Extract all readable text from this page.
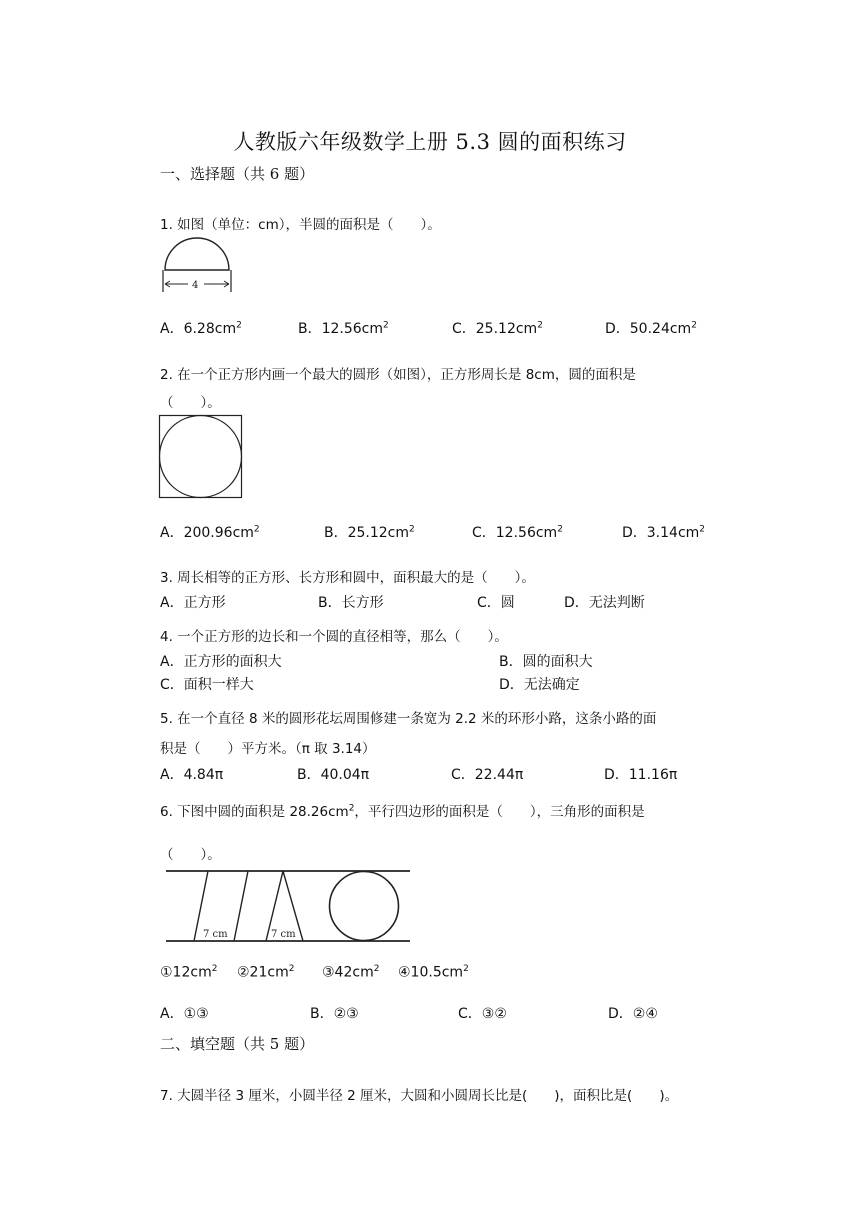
人教版六年级数学上册 5.3 圆的面积练习
一、选择题（共 6 题）
1. 如图（单位：cm），半圆的面积是（　　）。
4
A．$6.28cm^2$	B．$12.56cm^2$	C．$25.12cm^2$	D．$50.24cm^2$
2. 在一个正方形内画一个最大的圆形（如图），正方形周长是 8cm，圆的面积是
（　　）。
A．$200.96cm^2$	B．$25.12cm^2$	C．$12.56cm^2$	D．$3.14cm^2$
3. 周长相等的正方形、长方形和圆中，面积最大的是（　　）。
A．正方形	B．长方形	C．圆	D．无法判断
4. 一个正方形的边长和一个圆的直径相等，那么（　　）。
A．正方形的面积大	B．圆的面积大
C．面积一样大	D．无法确定
5. 在一个直径 8 米的圆形花坛周围修建一条宽为 2.2 米的环形小路，这条小路的面
积是（　　）平方米。（π 取 3.14）
A．4.84π	B．40.04π	C．22.44π	D．11.16π
6. 下图中圆的面积是 $28.26cm^2$，平行四边形的面积是（　　），三角形的面积是
（　　）。
7 cm	7 cm
$①12cm^2$ $②21cm^2$ $③42cm^2$ $④10.5cm^2$
A．①③	B．②③	C．③②	D．②④
二、填空题（共 5 题）
7. 大圆半径 3 厘米，小圆半径 2 厘米，大圆和小圆周长比是(　　)，面积比是(　　)。
